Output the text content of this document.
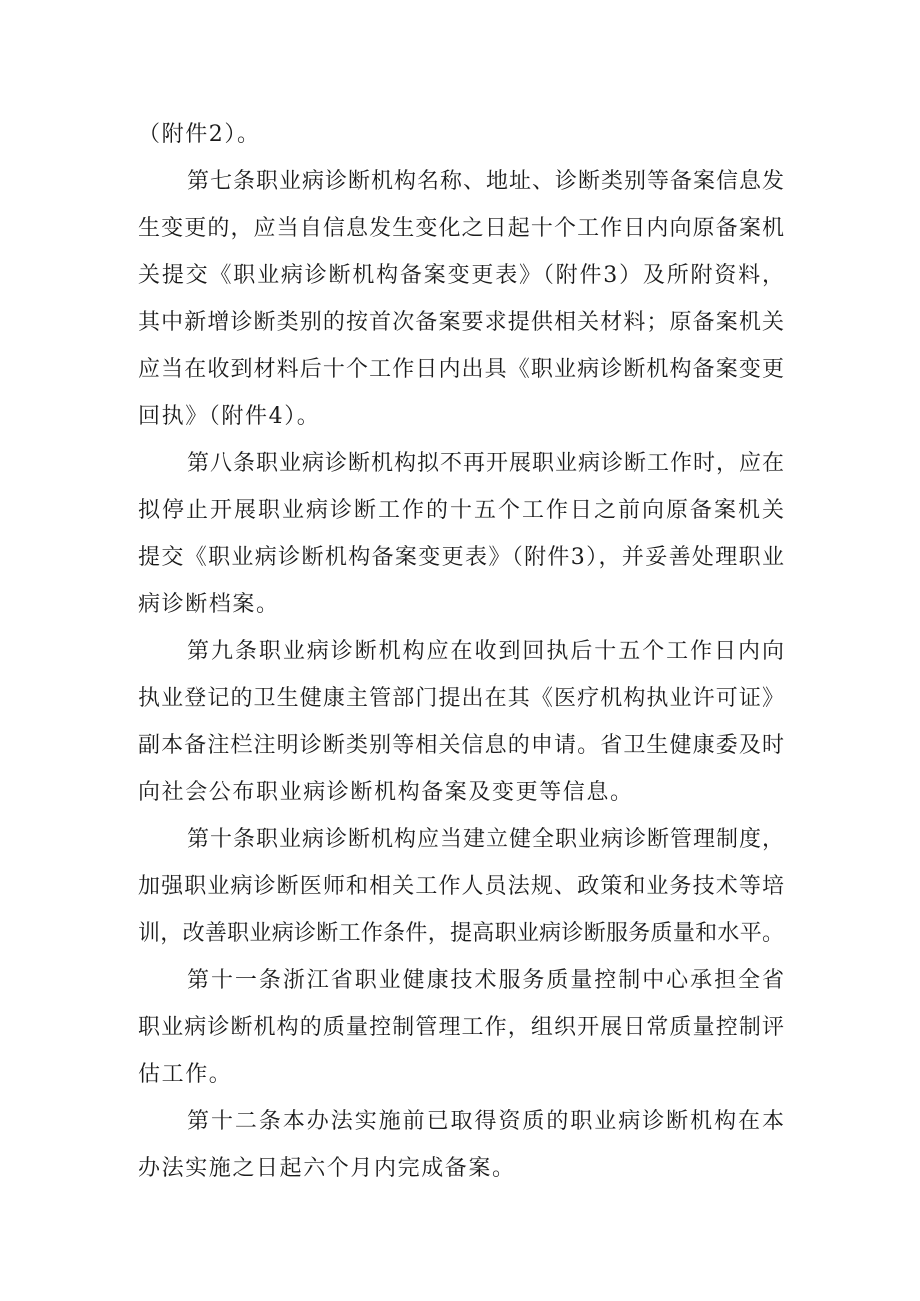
（附件2）。
第七条职业病诊断机构名称、地址、诊断类别等备案信息发
生变更的，应当自信息发生变化之日起十个工作日内向原备案机
关提交《职业病诊断机构备案变更表》（附件3）及所附资料，
其中新增诊断类别的按首次备案要求提供相关材料；原备案机关
应当在收到材料后十个工作日内出具《职业病诊断机构备案变更
回执》（附件4）。
第八条职业病诊断机构拟不再开展职业病诊断工作时，应在
拟停止开展职业病诊断工作的十五个工作日之前向原备案机关
提交《职业病诊断机构备案变更表》（附件3），并妥善处理职业
病诊断档案。
第九条职业病诊断机构应在收到回执后十五个工作日内向
执业登记的卫生健康主管部门提出在其《医疗机构执业许可证》
副本备注栏注明诊断类别等相关信息的申请。省卫生健康委及时
向社会公布职业病诊断机构备案及变更等信息。
第十条职业病诊断机构应当建立健全职业病诊断管理制度，
加强职业病诊断医师和相关工作人员法规、政策和业务技术等培
训，改善职业病诊断工作条件，提高职业病诊断服务质量和水平。
第十一条浙江省职业健康技术服务质量控制中心承担全省
职业病诊断机构的质量控制管理工作，组织开展日常质量控制评
估工作。
第十二条本办法实施前已取得资质的职业病诊断机构在本
办法实施之日起六个月内完成备案。
